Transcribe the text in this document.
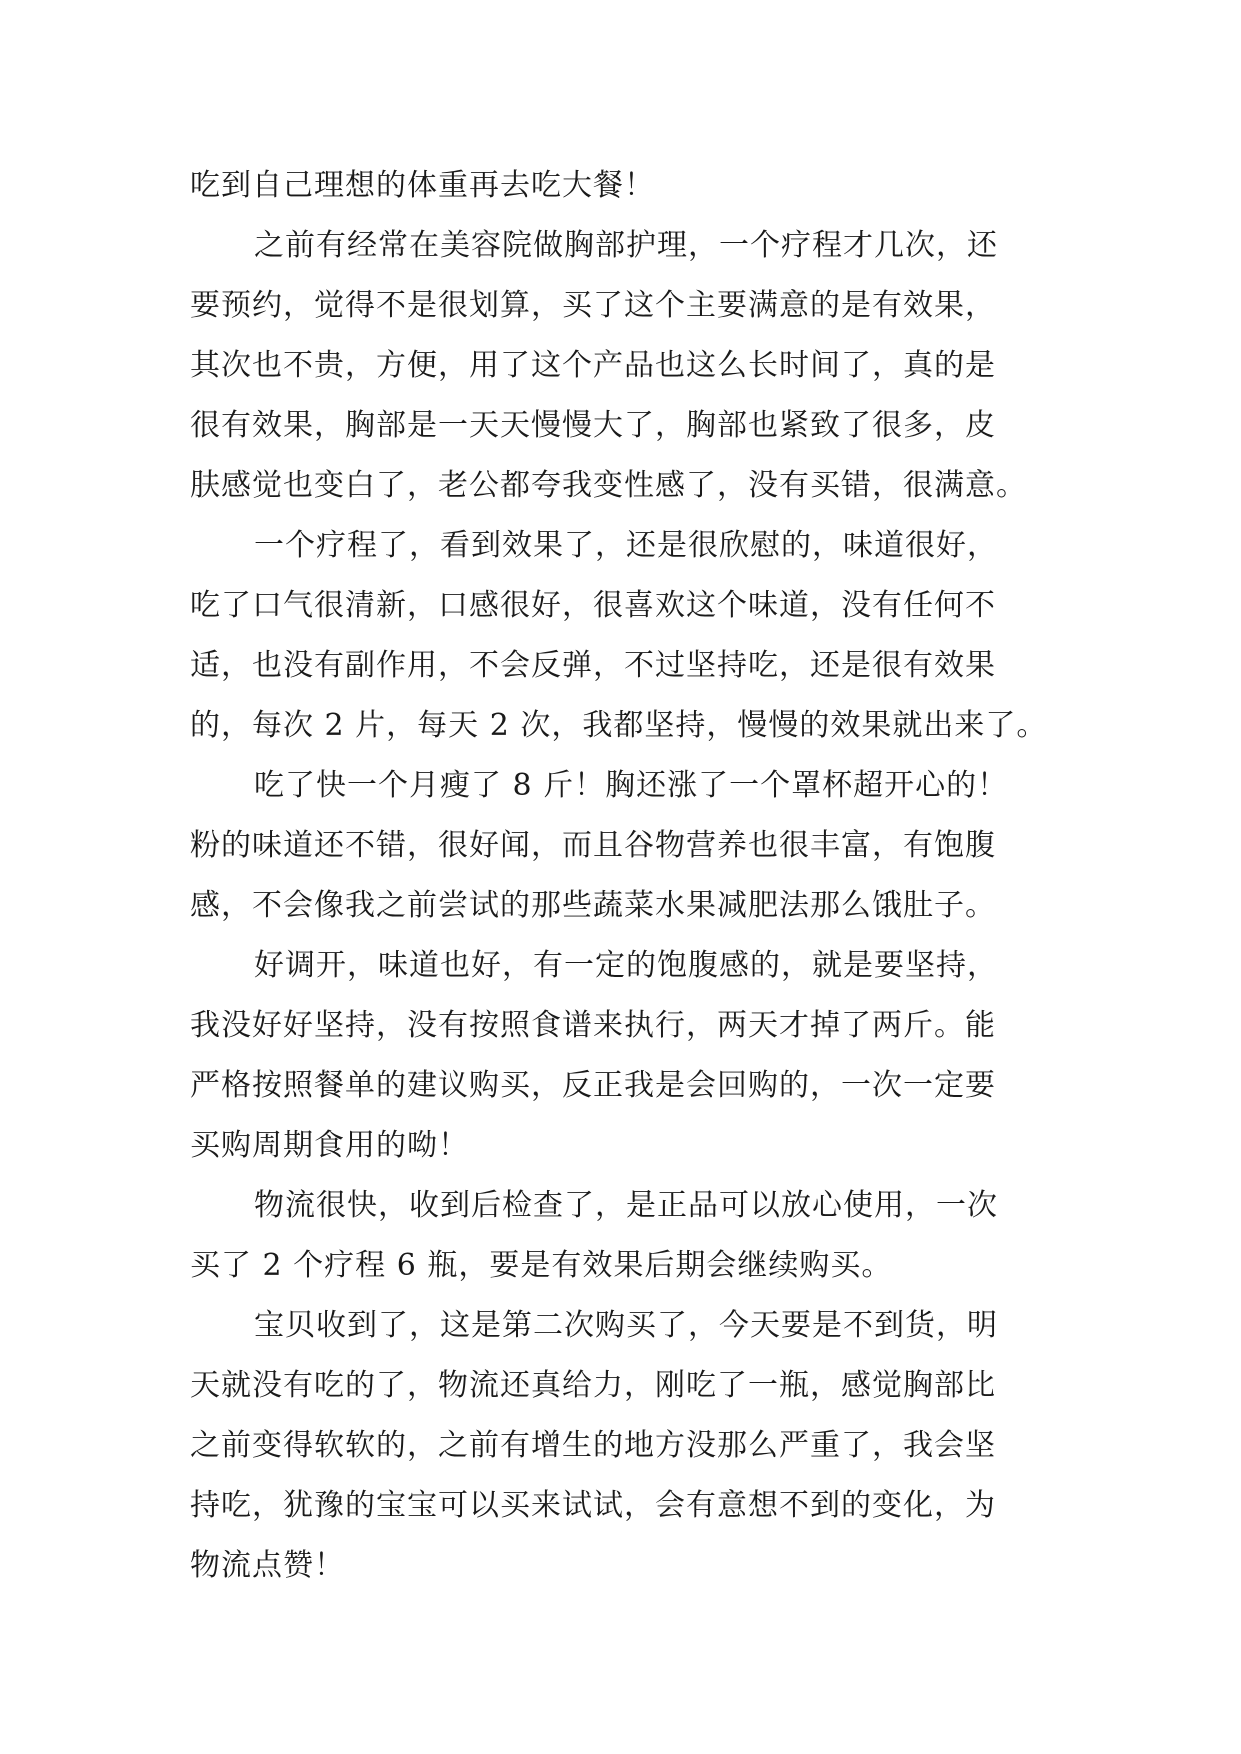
吃到自己理想的体重再去吃大餐！
之前有经常在美容院做胸部护理，一个疗程才几次，还
要预约，觉得不是很划算，买了这个主要满意的是有效果，
其次也不贵，方便，用了这个产品也这么长时间了，真的是
很有效果，胸部是一天天慢慢大了，胸部也紧致了很多，皮
肤感觉也变白了，老公都夸我变性感了，没有买错，很满意。
一个疗程了，看到效果了，还是很欣慰的，味道很好，
吃了口气很清新，口感很好，很喜欢这个味道，没有任何不
适，也没有副作用，不会反弹，不过坚持吃，还是很有效果
的，每次 2 片，每天 2 次，我都坚持，慢慢的效果就出来了。
吃了快一个月瘦了 8 斤！胸还涨了一个罩杯超开心的！
粉的味道还不错，很好闻，而且谷物营养也很丰富，有饱腹
感，不会像我之前尝试的那些蔬菜水果减肥法那么饿肚子。
好调开，味道也好，有一定的饱腹感的，就是要坚持，
我没好好坚持，没有按照食谱来执行，两天才掉了两斤。能
严格按照餐单的建议购买，反正我是会回购的，一次一定要
买购周期食用的呦！
物流很快，收到后检查了，是正品可以放心使用，一次
买了 2 个疗程 6 瓶，要是有效果后期会继续购买。
宝贝收到了，这是第二次购买了，今天要是不到货，明
天就没有吃的了，物流还真给力，刚吃了一瓶，感觉胸部比
之前变得软软的，之前有增生的地方没那么严重了，我会坚
持吃，犹豫的宝宝可以买来试试，会有意想不到的变化，为
物流点赞！
